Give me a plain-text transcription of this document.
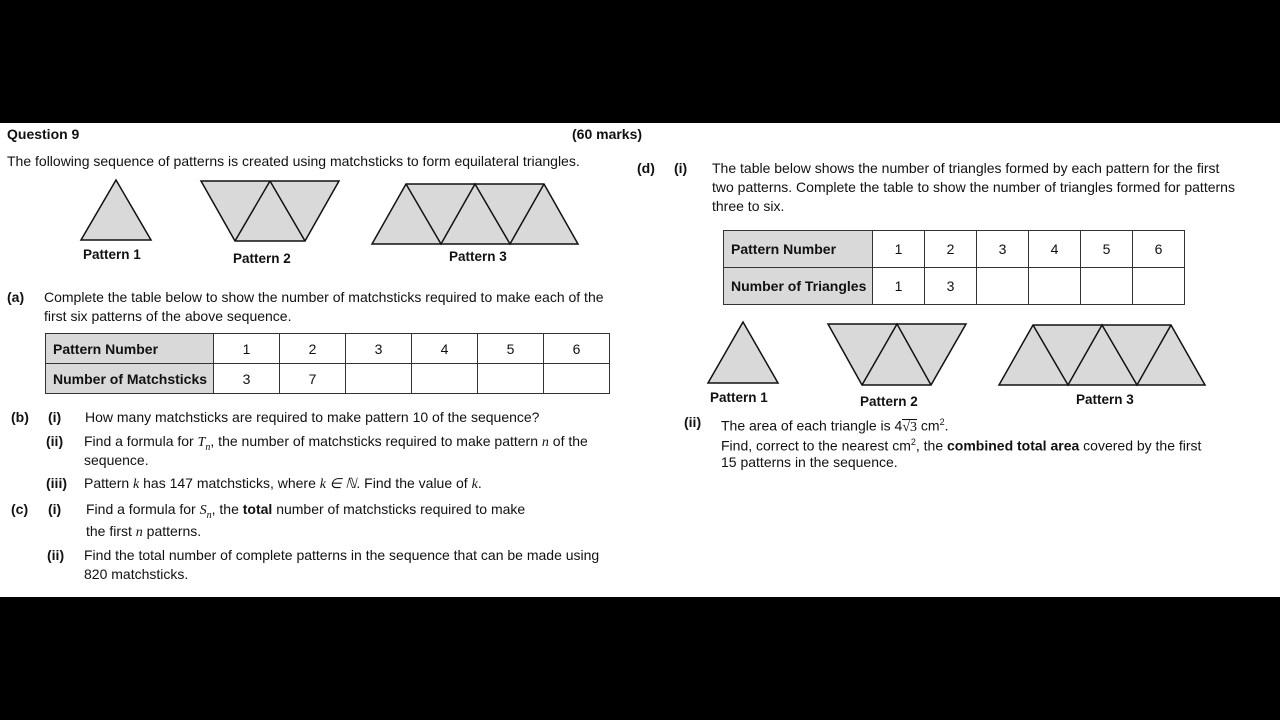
Question 9	(60 marks)
The following sequence of patterns is created using matchsticks to form equilateral triangles.
Pattern 1	Pattern 2	Pattern 3
(a) Complete the table below to show the number of matchsticks required to make each of the
first six patterns of the above sequence.
Pattern Number	1	2	3	4	5	6
Number of Matchsticks	3	7				
(b) (i) How many matchsticks are required to make pattern 10 of the sequence?
(ii) Find a formula for $T_n$, the number of matchsticks required to make pattern n of the
sequence.
(iii) Pattern k has 147 matchsticks, where k ∈ ℕ. Find the value of k.
(c) (i) Find a formula for $S_n$, the total number of matchsticks required to make
the first n patterns.
(ii) Find the total number of complete patterns in the sequence that can be made using
820 matchsticks.
(d) (i) The table below shows the number of triangles formed by each pattern for the first
two patterns. Complete the table to show the number of triangles formed for patterns
three to six.
Pattern Number	1	2	3	4	5	6
Number of Triangles	1	3				
Pattern 1	Pattern 2	Pattern 3
(ii) The area of each triangle is 4√3 $cm^2$.
Find, correct to the nearest $cm^2$, the combined total area covered by the first
15 patterns in the sequence.
